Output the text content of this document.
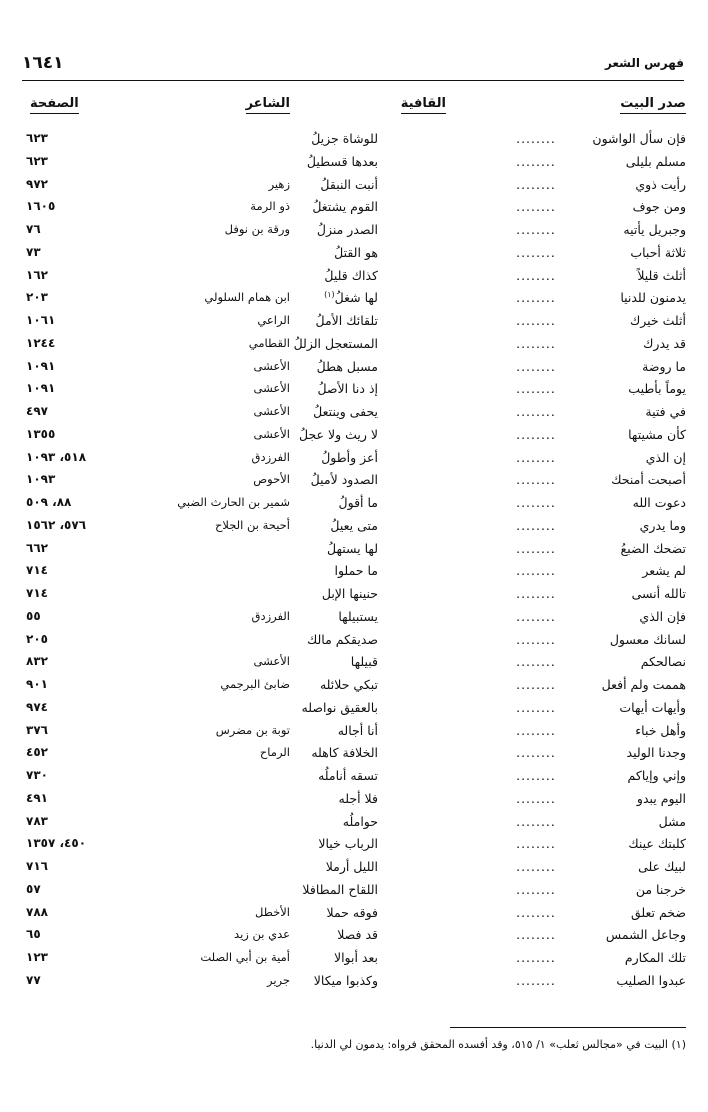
فهرس الشعر
١٦٤١
صدر البيت
القافية
الشاعر
الصفحة
فإن سأل الواشون
........
للوشاة جزيلُ
٦٢٣
مسلم بليلى
........
بعدها قسطيلُ
٦٢٣
رأيت ذوي
........
أنبت النبقلُ
زهير
٩٧٢
ومن جوف
........
القوم يشتغلُ
ذو الرمة
١٦٠٥
وجبريل يأتيه
........
الصدر منزلُ
ورقة بن نوفل
٧٦
ثلاثة أحباب
........
هو القتلُ
٧٣
أثلث قليلاً
........
كذاك قليلُ
١٦٢
يدمنون للدنيا
........
لها شغلُ$^{(١)}$
ابن همام السلولي
٢٠٣
أثلث خيرك
........
تلقائك الأملُ
الراعي
١٠٦١
قد يدرك
........
المستعجل الزللُ
القطامي
١٢٤٤
ما روضة
........
مسبل هطلُ
الأعشى
١٠٩١
يوماً بأطيب
........
إذ دنا الأصلُ
الأعشى
١٠٩١
في فتية
........
يحفى وينتعلُ
الأعشى
٤٩٧
كأن مشيتها
........
لا ريث ولا عجلُ
الأعشى
١٣٥٥
إن الذي
........
أعز وأطولُ
الفرزدق
٥١٨، ١٠٩٣
أصبحت أمنحك
........
الصدود لأميلُ
الأحوص
١٠٩٣
دعوت الله
........
ما أقولُ
شمير بن الحارث الضبي
٨٨، ٥٠٩
وما يدري
........
متى يعيلُ
أحيحة بن الجلاح
٥٧٦، ١٥٦٢
تضحك الضبعُ
........
لها يستهلُ
٦٦٢
لم يشعر
........
ما حملوا
٧١٤
تالله أنسى
........
حنينها الإبل
٧١٤
فإن الذي
........
يستبيلها
الفرزدق
٥٥
لسانك معسول
........
صديقكم مالك
٢٠٥
نصالحكم
........
قبيلها
الأعشى
٨٣٢
هممت ولم أفعل
........
تبكي حلائله
ضابئ البرجمي
٩٠١
وأيهات أيهات
........
بالعقيق نواصله
٩٧٤
وأهل خباء
........
أنا أجاله
توبة بن مضرس
٣٧٦
وجدنا الوليد
........
الخلافة كاهله
الرماح
٤٥٢
وإني وإياكم
........
تسقه أناملُه
٧٣٠
اليوم يبدو
........
فلا أجله
٤٩١
مشل
........
حواملُه
٧٨٣
كلبتك عينك
........
الرباب خيالا
٤٥٠، ١٣٥٧
لبيك على
........
الليل أرملا
٧١٦
خرجنا من
........
اللقاح المطافلا
٥٧
ضخم تعلق
........
فوقه حملا
الأخطل
٧٨٨
وجاعل الشمس
........
قد فصلا
عدي بن زيد
٦٥
تلك المكارم
........
بعد أبوالا
أمية بن أبي الصلت
١٢٣
عبدوا الصليب
........
وكذبوا ميكالا
جرير
٧٧
(١) البيت في «مجالس ثعلب» ١/ ٥١٥، وقد أفسده المحقق فرواه: يدمون لي الدنيا.
